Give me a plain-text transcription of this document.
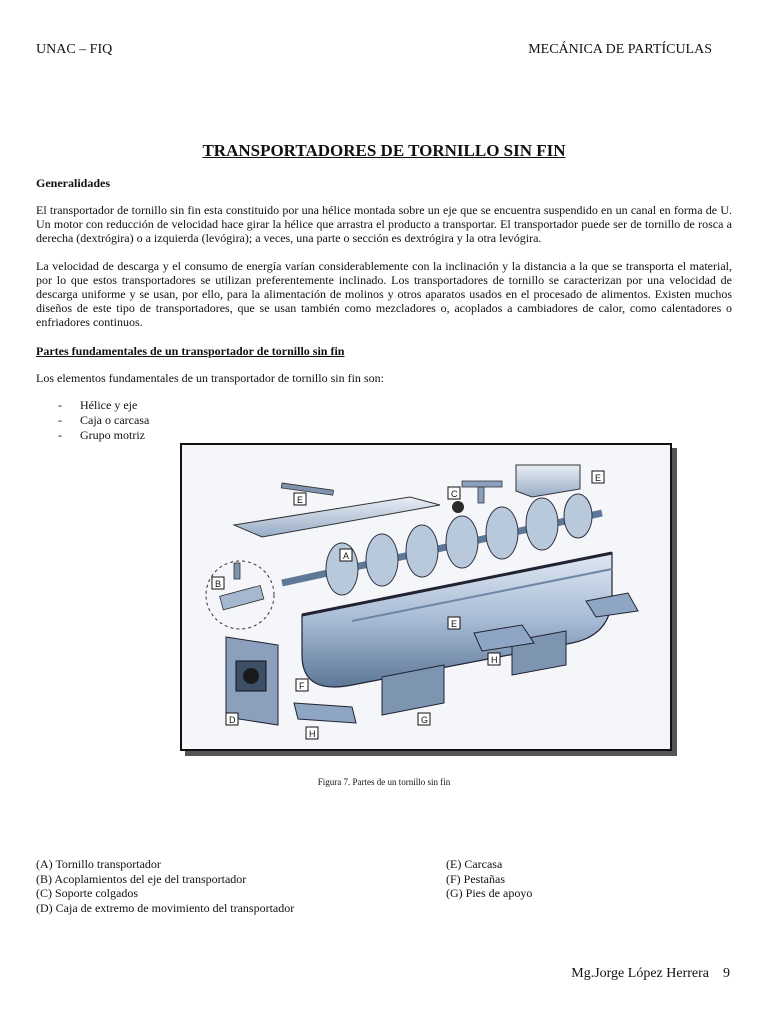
UNAC – FIQ	MECÁNICA DE PARTÍCULAS
TRANSPORTADORES DE TORNILLO SIN FIN
Generalidades
El transportador de tornillo sin fin esta constituido por una hélice montada sobre un eje que se encuentra suspendido en un canal en forma de U. Un motor con reducción de velocidad hace girar la hélice que arrastra el producto a transportar. El transportador puede ser de tornillo de rosca a derecha (dextrógira) o a izquierda (levógira); a veces, una parte o sección es dextrógira y la otra levógira.
La velocidad de descarga y el consumo de energía varían considerablemente con la inclinación y la distancia a la que se transporta el material, por lo que estos transportadores se utilizan preferentemente inclinado. Los transportadores de tornillo se caracterizan por una velocidad de descarga uniforme y se usan, por ello, para la alimentación de molinos y otros aparatos usados en el procesado de alimentos. Existen muchos diseños de este tipo de transportadores, que se usan también como mezcladores o, acoplados a cambiadores de calor, como calentadores o enfriadores continuos.
Partes fundamentales de un transportador de tornillo sin fin
Los elementos fundamentales de un transportador de tornillo sin fin son:
- Hélice y eje
- Caja o carcasa
- Grupo motriz
E
A
C
E
B
E
H
F
D
H
G
Figura 7. Partes de un tornillo sin fin
(A) Tornillo transportador
(B) Acoplamientos del eje del transportador
(C) Soporte colgados
(D) Caja de extremo de movimiento del transportador
(E) Carcasa
(F) Pestañas
(G) Pies de apoyo
Mg.Jorge López Herrera 9
